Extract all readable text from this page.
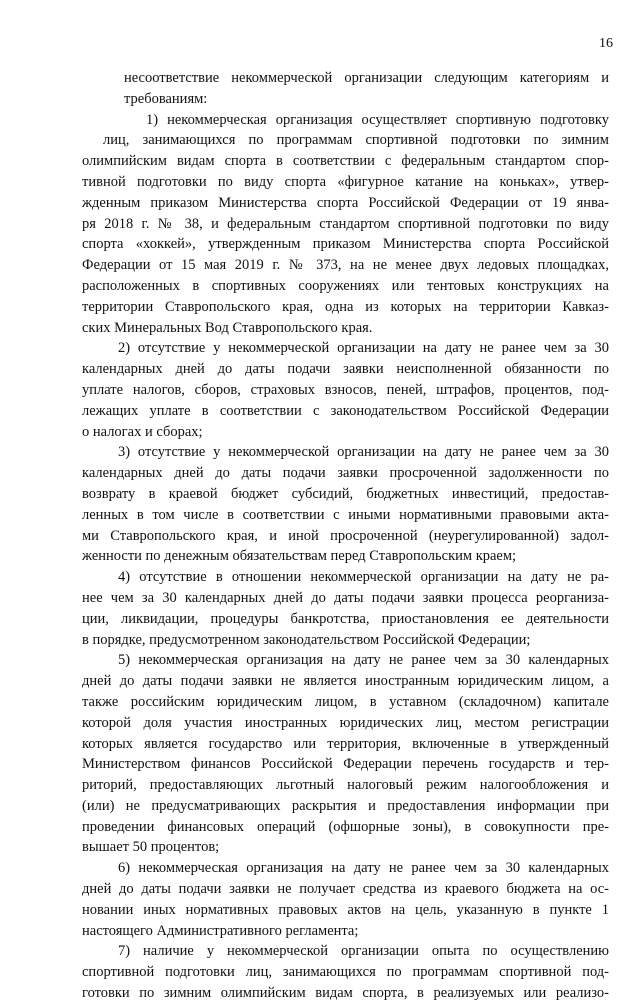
16
несоответствие некоммерческой организации следующим категориям и
требованиям:
1) некоммерческая организация осуществляет спортивную подготовку
лиц, занимающихся по программам спортивной подготовки по зимним
олимпийским видам спорта в соответствии с федеральным стандартом спор-
тивной подготовки по виду спорта «фигурное катание на коньках», утвер-
жденным приказом Министерства спорта Российской Федерации от 19 янва-
ря 2018 г. № 38, и федеральным стандартом спортивной подготовки по виду
спорта «хоккей», утвержденным приказом Министерства спорта Российской
Федерации от 15 мая 2019 г. № 373, на не менее двух ледовых площадках,
расположенных в спортивных сооружениях или тентовых конструкциях на
территории Ставропольского края, одна из которых на территории Кавказ-
ских Минеральных Вод Ставропольского края.
2) отсутствие у некоммерческой организации на дату не ранее чем за 30
календарных дней до даты подачи заявки неисполненной обязанности по
уплате налогов, сборов, страховых взносов, пеней, штрафов, процентов, под-
лежащих уплате в соответствии с законодательством Российской Федерации
о налогах и сборах;
3) отсутствие у некоммерческой организации на дату не ранее чем за 30
календарных дней до даты подачи заявки просроченной задолженности по
возврату в краевой бюджет субсидий, бюджетных инвестиций, предостав-
ленных в том числе в соответствии с иными нормативными правовыми акта-
ми Ставропольского края, и иной просроченной (неурегулированной) задол-
женности по денежным обязательствам перед Ставропольским краем;
4) отсутствие в отношении некоммерческой организации на дату не ра-
нее чем за 30 календарных дней до даты подачи заявки процесса реорганиза-
ции, ликвидации, процедуры банкротства, приостановления ее деятельности
в порядке, предусмотренном законодательством Российской Федерации;
5) некоммерческая организация на дату не ранее чем за 30 календарных
дней до даты подачи заявки не является иностранным юридическим лицом, а
также российским юридическим лицом, в уставном (складочном) капитале
которой доля участия иностранных юридических лиц, местом регистрации
которых является государство или территория, включенные в утвержденный
Министерством финансов Российской Федерации перечень государств и тер-
риторий, предоставляющих льготный налоговый режим налогообложения и
(или) не предусматривающих раскрытия и предоставления информации при
проведении финансовых операций (офшорные зоны), в совокупности пре-
вышает 50 процентов;
6) некоммерческая организация на дату не ранее чем за 30 календарных
дней до даты подачи заявки не получает средства из краевого бюджета на ос-
новании иных нормативных правовых актов на цель, указанную в пункте 1
настоящего Административного регламента;
7) наличие у некоммерческой организации опыта по осуществлению
спортивной подготовки лиц, занимающихся по программам спортивной под-
готовки по зимним олимпийским видам спорта, в реализуемых или реализо-
